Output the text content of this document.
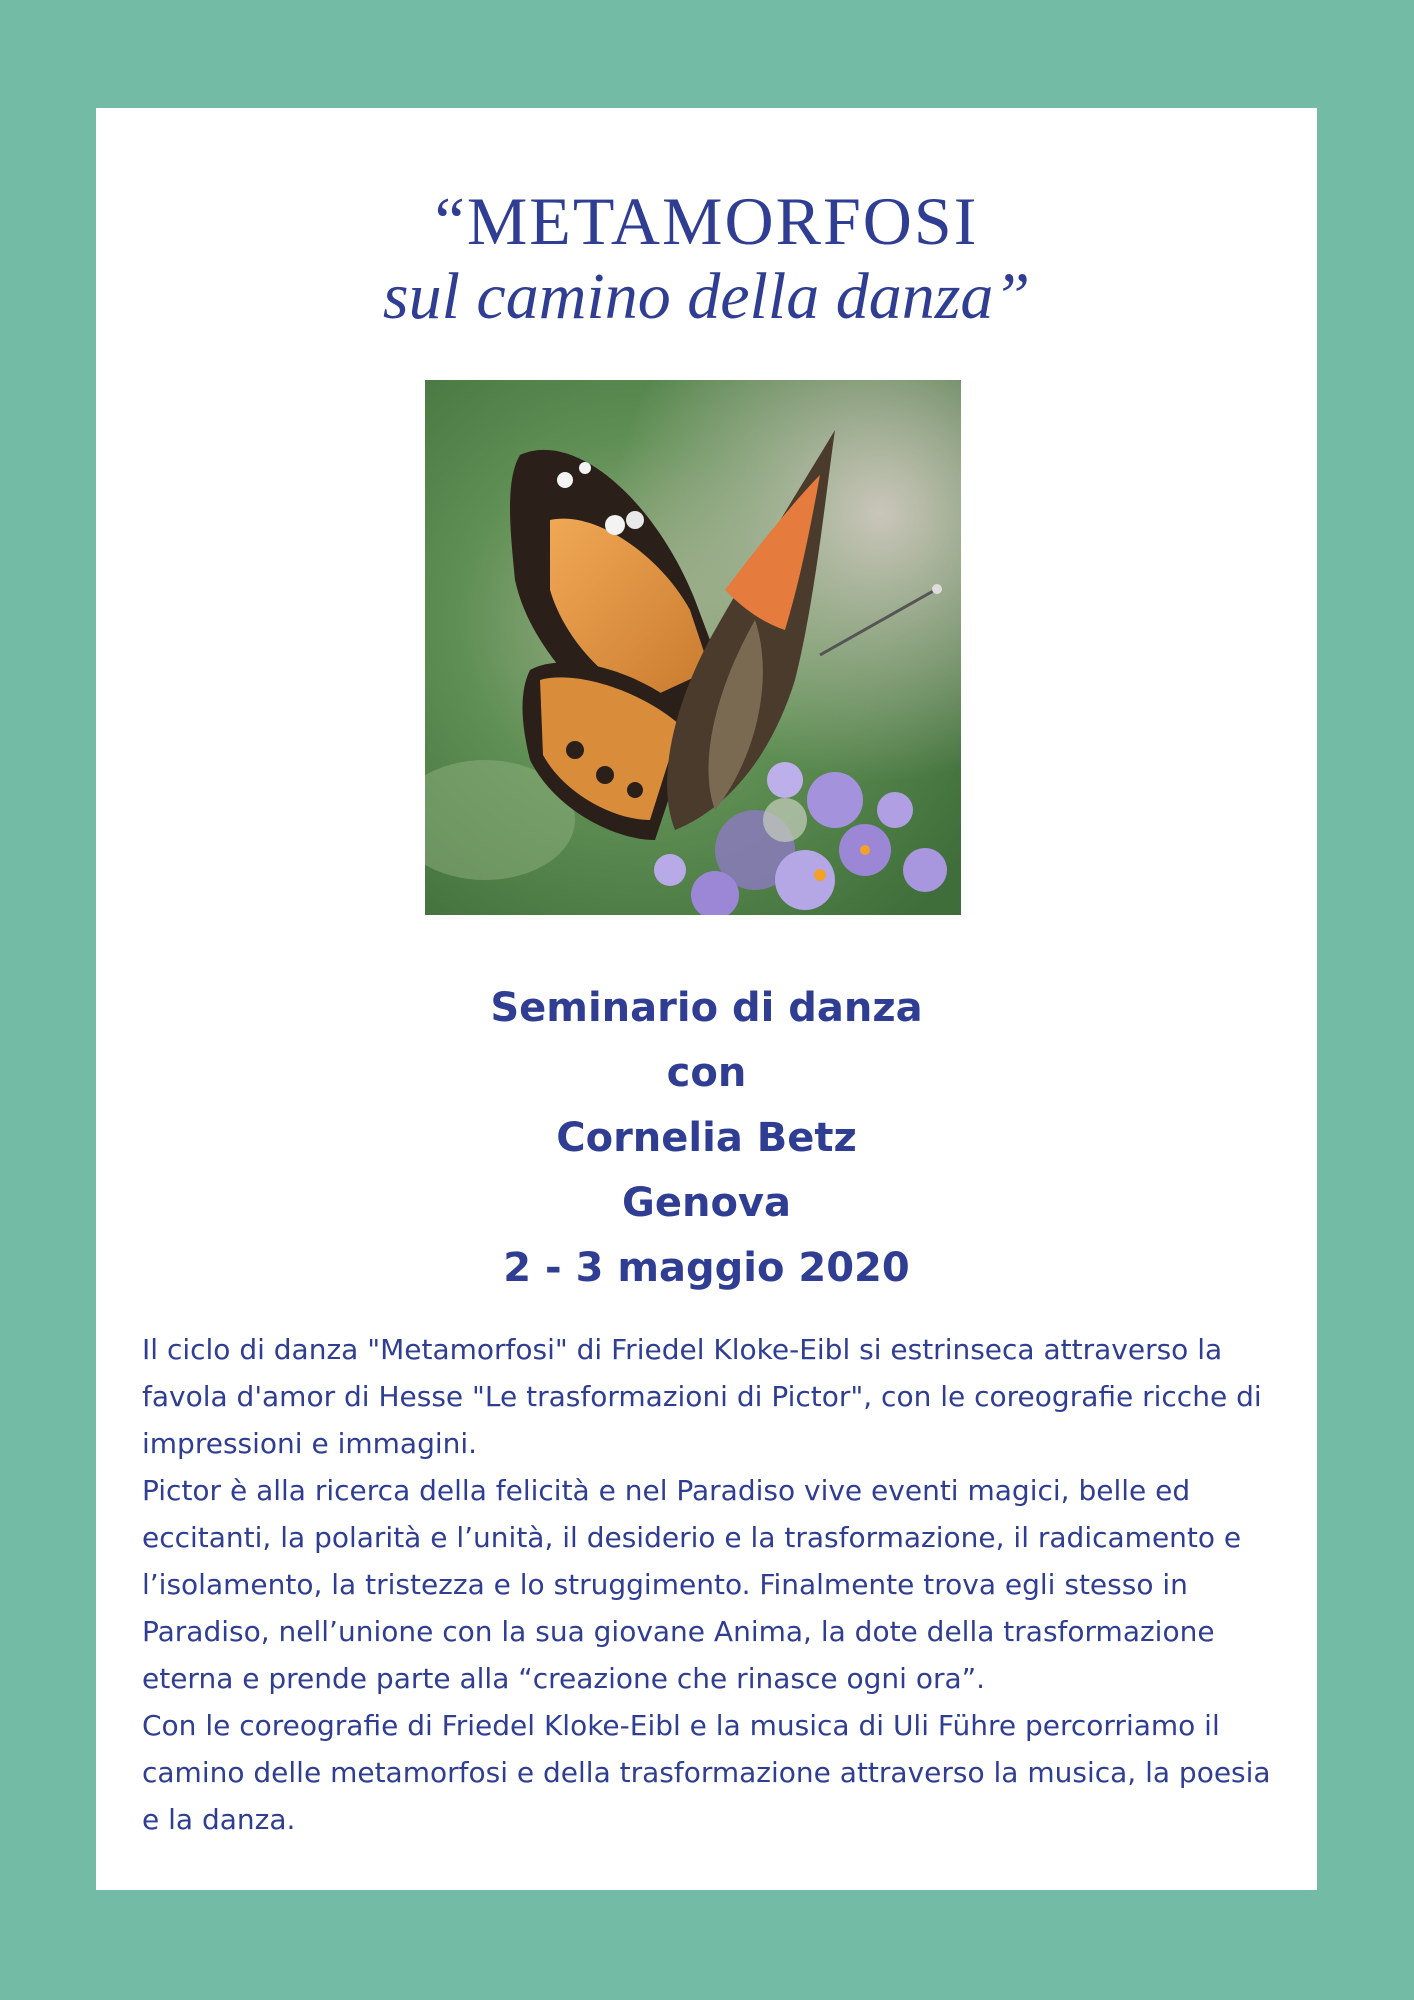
“METAMORFOSI
sul camino della danza”
Seminario di danza
con
Cornelia Betz
Genova
2 - 3 maggio 2020

Il ciclo di danza "Metamorfosi" di Friedel Kloke-Eibl si estrinseca attraverso la favola d'amor di Hesse "Le trasformazioni di Pictor", con le coreografie ricche di impressioni e immagini.

Pictor è alla ricerca della felicità e nel Paradiso vive eventi magici, belle ed eccitanti, la polarità e l’unità, il desiderio e la trasformazione, il radicamento e l’isolamento, la tristezza e lo struggimento. Finalmente trova egli stesso in Paradiso, nell’unione con la sua giovane Anima, la dote della trasformazione eterna e prende parte alla “creazione che rinasce ogni ora”.

Con le coreografie di Friedel Kloke-Eibl e la musica di Uli Führe percorriamo il camino delle metamorfosi e della trasformazione attraverso la musica, la poesia e la danza.
